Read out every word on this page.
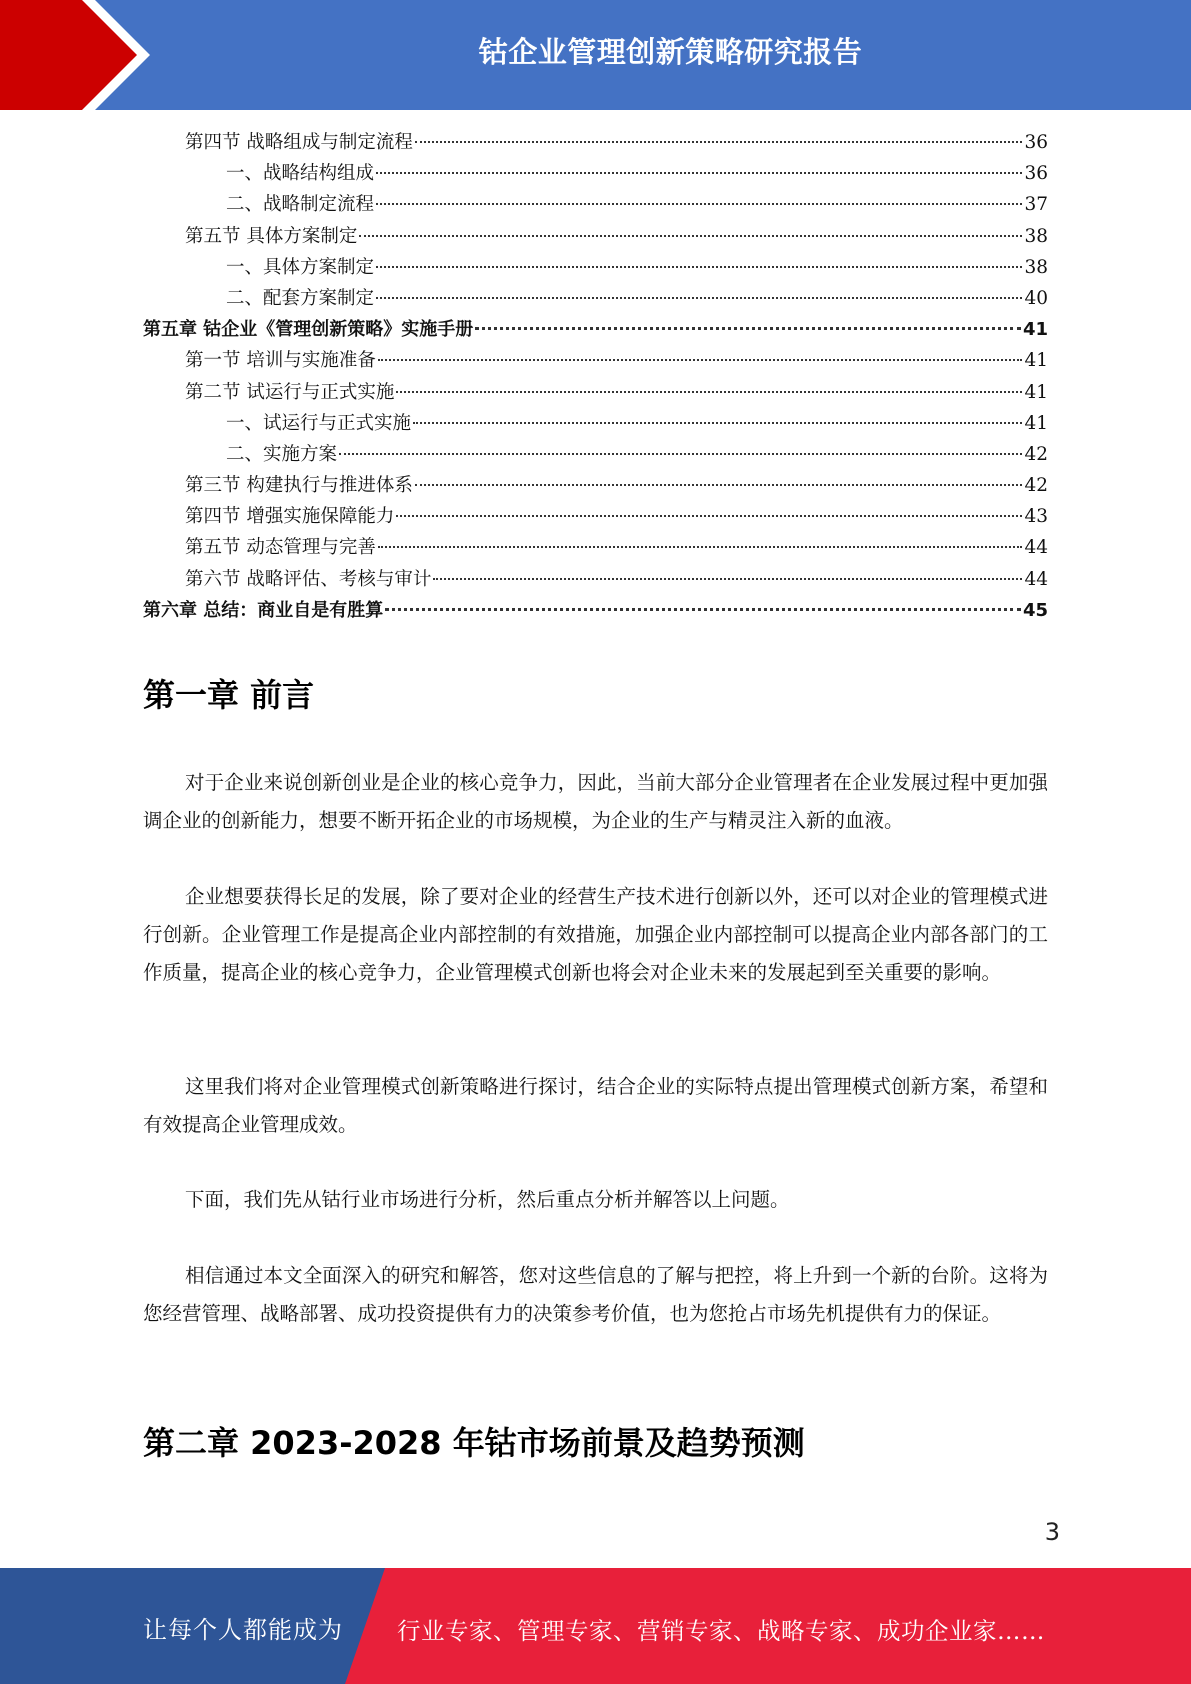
钴企业管理创新策略研究报告
第四节 战略组成与制定流程	36
一、战略结构组成	36
二、战略制定流程	37
第五节 具体方案制定	38
一、具体方案制定	38
二、配套方案制定	40
第五章 钴企业《管理创新策略》实施手册	41
第一节 培训与实施准备	41
第二节 试运行与正式实施	41
一、试运行与正式实施	41
二、实施方案	42
第三节 构建执行与推进体系	42
第四节 增强实施保障能力	43
第五节 动态管理与完善	44
第六节 战略评估、考核与审计	44
第六章 总结：商业自是有胜算	45
第一章 前言

对于企业来说创新创业是企业的核心竞争力，因此，当前大部分企业管理者在企业发展过程中更加强调企业的创新能力，想要不断开拓企业的市场规模，为企业的生产与精灵注入新的血液。

企业想要获得长足的发展，除了要对企业的经营生产技术进行创新以外，还可以对企业的管理模式进行创新。企业管理工作是提高企业内部控制的有效措施，加强企业内部控制可以提高企业内部各部门的工作质量，提高企业的核心竞争力，企业管理模式创新也将会对企业未来的发展起到至关重要的影响。

这里我们将对企业管理模式创新策略进行探讨，结合企业的实际特点提出管理模式创新方案，希望和有效提高企业管理成效。

下面，我们先从钴行业市场进行分析，然后重点分析并解答以上问题。

相信通过本文全面深入的研究和解答，您对这些信息的了解与把控，将上升到一个新的台阶。这将为您经营管理、战略部署、成功投资提供有力的决策参考价值，也为您抢占市场先机提供有力的保证。

第二章 2023-2028 年钴市场前景及趋势预测
3
让每个人都能成为 行业专家、管理专家、营销专家、战略专家、成功企业家……
